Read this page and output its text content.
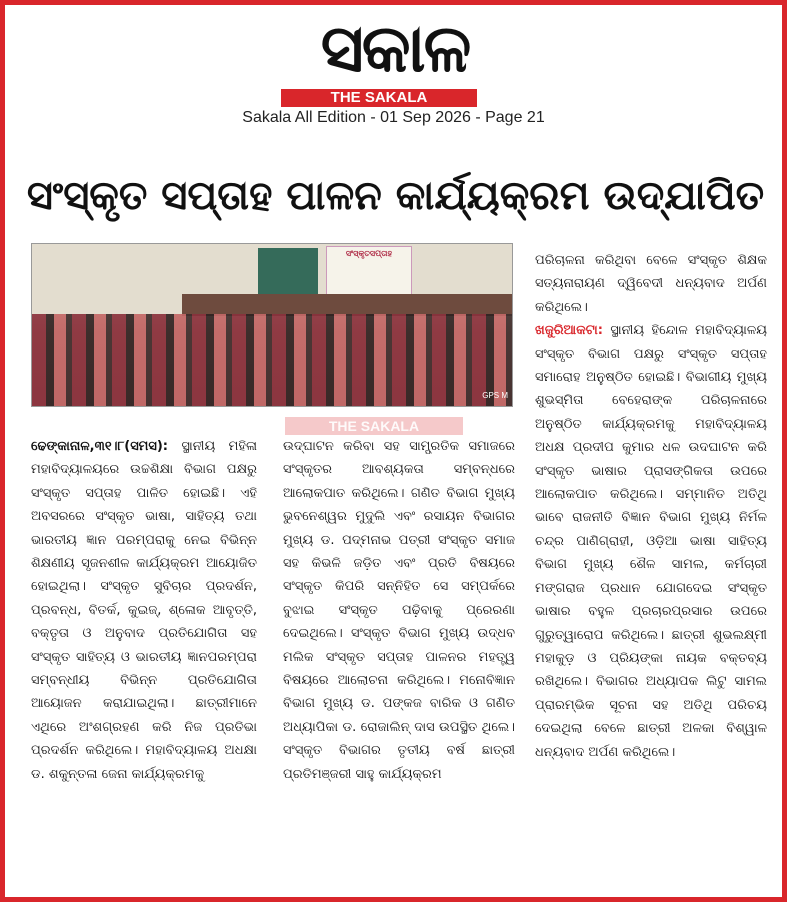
ସକାଳ
THE SAKALA
Sakala All Edition - 01 Sep 2026 - Page 21
ସଂସ୍କୃତ ସପ୍ତାହ ପାଳନ କାର୍ଯ୍ୟକ୍ରମ ଉଦ୍‌ଯାପିତ
ସଂସ୍କୃତସପ୍ତାହ
GPS M
THE SAKALA
ଢେଙ୍କାନାଳ,୩୧।୮(ସମସ): ସ୍ଥାନୀୟ ମହିଳା ମହାବିଦ୍ୟାଳୟରେ ଉଚ୍ଚଶିକ୍ଷା ବିଭାଗ ପକ୍ଷରୁ ସଂସ୍କୃତ ସପ୍ତାହ ପାଳିତ ହୋଇଛି। ଏହି ଅବସରରେ ସଂସ୍କୃତ ଭାଷା, ସାହିତ୍ୟ ତଥା ଭାରତୀୟ ଜ୍ଞାନ ପରମ୍ପରାକୁ ନେଇ ବିଭିନ୍ନ ଶିକ୍ଷଣୀୟ ସୃଜନଶୀଳ କାର୍ଯ୍ୟକ୍ରମ ଆୟୋଜିତ ହୋଇଥିଲା। ସଂସ୍କୃତ ସୁବିଚାର ପ୍ରଦର୍ଶନ, ପ୍ରବନ୍ଧ, ବିତର୍କ, କୁଇଜ୍, ଶ୍ଳୋକ ଆବୃତ୍ତି, ବକ୍ତୃତା ଓ ଅନୁବାଦ ପ୍ରତିଯୋଗିତା ସହ ସଂସ୍କୃତ ସାହିତ୍ୟ ଓ ଭାରତୀୟ ଜ୍ଞାନପରମ୍ପରା ସମ୍ବନ୍ଧୀୟ ବିଭିନ୍ନ ପ୍ରତିଯୋଗିତା ଆୟୋଜନ କରାଯାଇଥିଲା। ଛାତ୍ରୀମାନେ ଏଥିରେ ଅଂଶଗ୍ରହଣ କରି ନିଜ ପ୍ରତିଭା ପ୍ରଦର୍ଶନ କରିଥିଲେ। ମହାବିଦ୍ୟାଳୟ ଅଧକ୍ଷା ଡ. ଶକୁନ୍ତଳା ଜେନା କାର୍ଯ୍ୟକ୍ରମକୁ
ଉଦ୍‌ଘାଟନ କରିବା ସହ ସାମ୍ପ୍ରତିକ ସମାଜରେ ସଂସ୍କୃତର ଆବଶ୍ୟକତା ସମ୍ବନ୍ଧରେ ଆଲୋକପାତ କରିଥିଲେ। ଗଣିତ ବିଭାଗ ମୁଖ୍ୟ ଭୁବନେଶ୍ୱର ମୁଦୁଲି ଏବଂ ରସାୟନ ବିଭାଗର ମୁଖ୍ୟ ଡ. ପଦ୍ମନାଭ ପତ୍ରୀ ସଂସ୍କୃତ ସମାଜ ସହ କିଭଳି ଜଡ଼ିତ ଏବଂ ପ୍ରତି ବିଷୟରେ ସଂସ୍କୃତ କିପରି ସନ୍ନିହିତ ସେ ସମ୍ପର୍କରେ ବୁଝାଇ ସଂସ୍କୃତ ପଢ଼ିବାକୁ ପ୍ରେରଣା ଦେଇଥିଲେ। ସଂସ୍କୃତ ବିଭାଗ ମୁଖ୍ୟ ଉଦ୍ଧବ ମଲିକ ସଂସ୍କୃତ ସପ୍ତାହ ପାଳନର ମହତ୍ତ୍ୱ ବିଷୟରେ ଆଲୋଚନା କରିଥିଲେ। ମନୋବିଜ୍ଞାନ ବିଭାଗ ମୁଖ୍ୟ ଡ. ପଙ୍କଜ ବାରିକ ଓ ଗଣିତ ଅଧ୍ୟାପିକା ଡ. ରୋଜାଲିନ୍ ଦାସ ଉପସ୍ଥିତ ଥିଲେ। ସଂସ୍କୃତ ବିଭାଗର ତୃତୀୟ ବର୍ଷ ଛାତ୍ରୀ ପ୍ରତିମଞ୍ଜରୀ ସାହୁ କାର୍ଯ୍ୟକ୍ରମ
ପରିଚାଳନା କରିଥିବା ବେଳେ ସଂସ୍କୃତ ଶିକ୍ଷକ ସତ୍ୟନାରାୟଣ ଦ୍ୱିବେଦୀ ଧନ୍ୟବାଦ ଅର୍ପଣ କରିଥିଲେ।
ଖଜୁରିଆକଟା: ସ୍ଥାନୀୟ ହିନ୍ଦୋଳ ମହାବିଦ୍ୟାଳୟ ସଂସ୍କୃତ ବିଭାଗ ପକ୍ଷରୁ ସଂସ୍କୃତ ସପ୍ତାହ ସମାରୋହ ଅନୁଷ୍ଠିତ ହୋଇଛି। ବିଭାଗୀୟ ମୁଖ୍ୟ ଶୁଭସ୍ମିତା ବେହେରାଙ୍କ ପରିଚାଳନାରେ ଅନୁଷ୍ଠିତ କାର୍ଯ୍ୟକ୍ରମକୁ ମହାବିଦ୍ୟାଳୟ ଅଧକ୍ଷ ପ୍ରଦୀପ କୁମାର ଧଳ ଉଦଘାଟନ କରି ସଂସ୍କୃତ ଭାଷାର ପ୍ରାସଙ୍ଗିକତା ଉପରେ ଆଲୋକପାତ କରିଥିଲେ। ସମ୍ମାନିତ ଅତିଥି ଭାବେ ରାଜନୀତି ବିଜ୍ଞାନ ବିଭାଗ ମୁଖ୍ୟ ନିର୍ମଳ ଚନ୍ଦ୍ର ପାଣିଗ୍ରାହୀ, ଓଡ଼ିଆ ଭାଷା ସାହିତ୍ୟ ବିଭାଗ ମୁଖ୍ୟ ଶୈଳ ସାମଲ, କର୍ମଚାରୀ ମଙ୍ଗରାଜ ପ୍ରଧାନ ଯୋଗଦେଇ ସଂସ୍କୃତ ଭାଷାର ବହୁଳ ପ୍ରଚାରପ୍ରସାର ଉପରେ ଗୁରୁତ୍ୱାରୋପ କରିଥିଲେ। ଛାତ୍ରୀ ଶୁଭଲକ୍ଷ୍ମୀ ମହାକୁଡ଼ ଓ ପ୍ରିୟଙ୍କା ନାୟକ ବକ୍ତବ୍ୟ ରଖିଥିଲେ। ବିଭାଗର ଅଧ୍ୟାପକ ଲିଟୁ ସାମଲ ପ୍ରାରମ୍ଭିକ ସୂଚନା ସହ ଅତିଥି ପରିଚୟ ଦେଇଥିଲା ବେଳେ ଛାତ୍ରୀ ଅଳକା ବିଶ୍ୱାଳ ଧନ୍ୟବାଦ ଅର୍ପଣ କରିଥିଲେ।
